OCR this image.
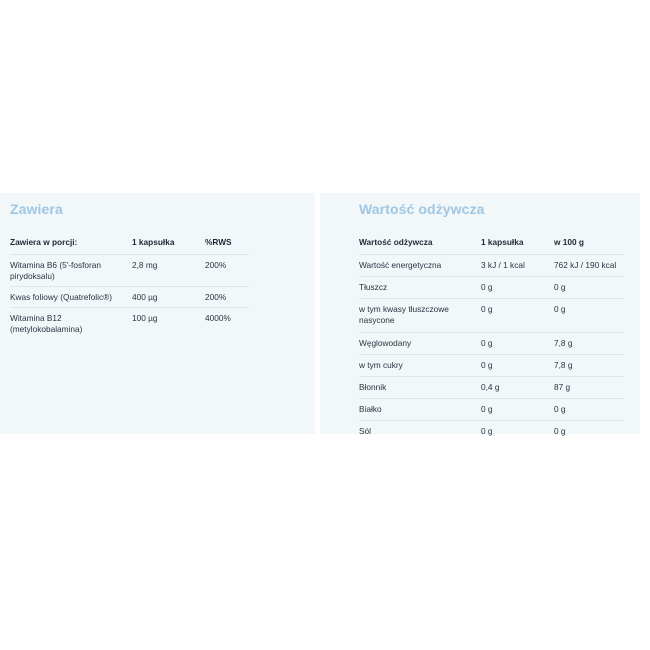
Zawiera
Zawiera w porcji:	1 kapsułka	%RWS
Witamina B6 (5'-fosforan pirydoksalu)	2,8 mg	200%
Kwas foliowy (Quatrefolic®)	400 µg	200%
Witamina B12 (metylokobalamina)	100 µg	4000%
Wartość odżywcza
Wartość odżywcza	1 kapsułka	w 100 g
Wartość energetyczna	3 kJ / 1 kcal	762 kJ / 190 kcal
Tłuszcz	0 g	0 g
w tym kwasy tłuszczowe nasycone	0 g	0 g
Węglowodany	0 g	7,8 g
w tym cukry	0 g	7,8 g
Błonnik	0,4 g	87 g
Białko	0 g	0 g
Sól	0 g	0 g
